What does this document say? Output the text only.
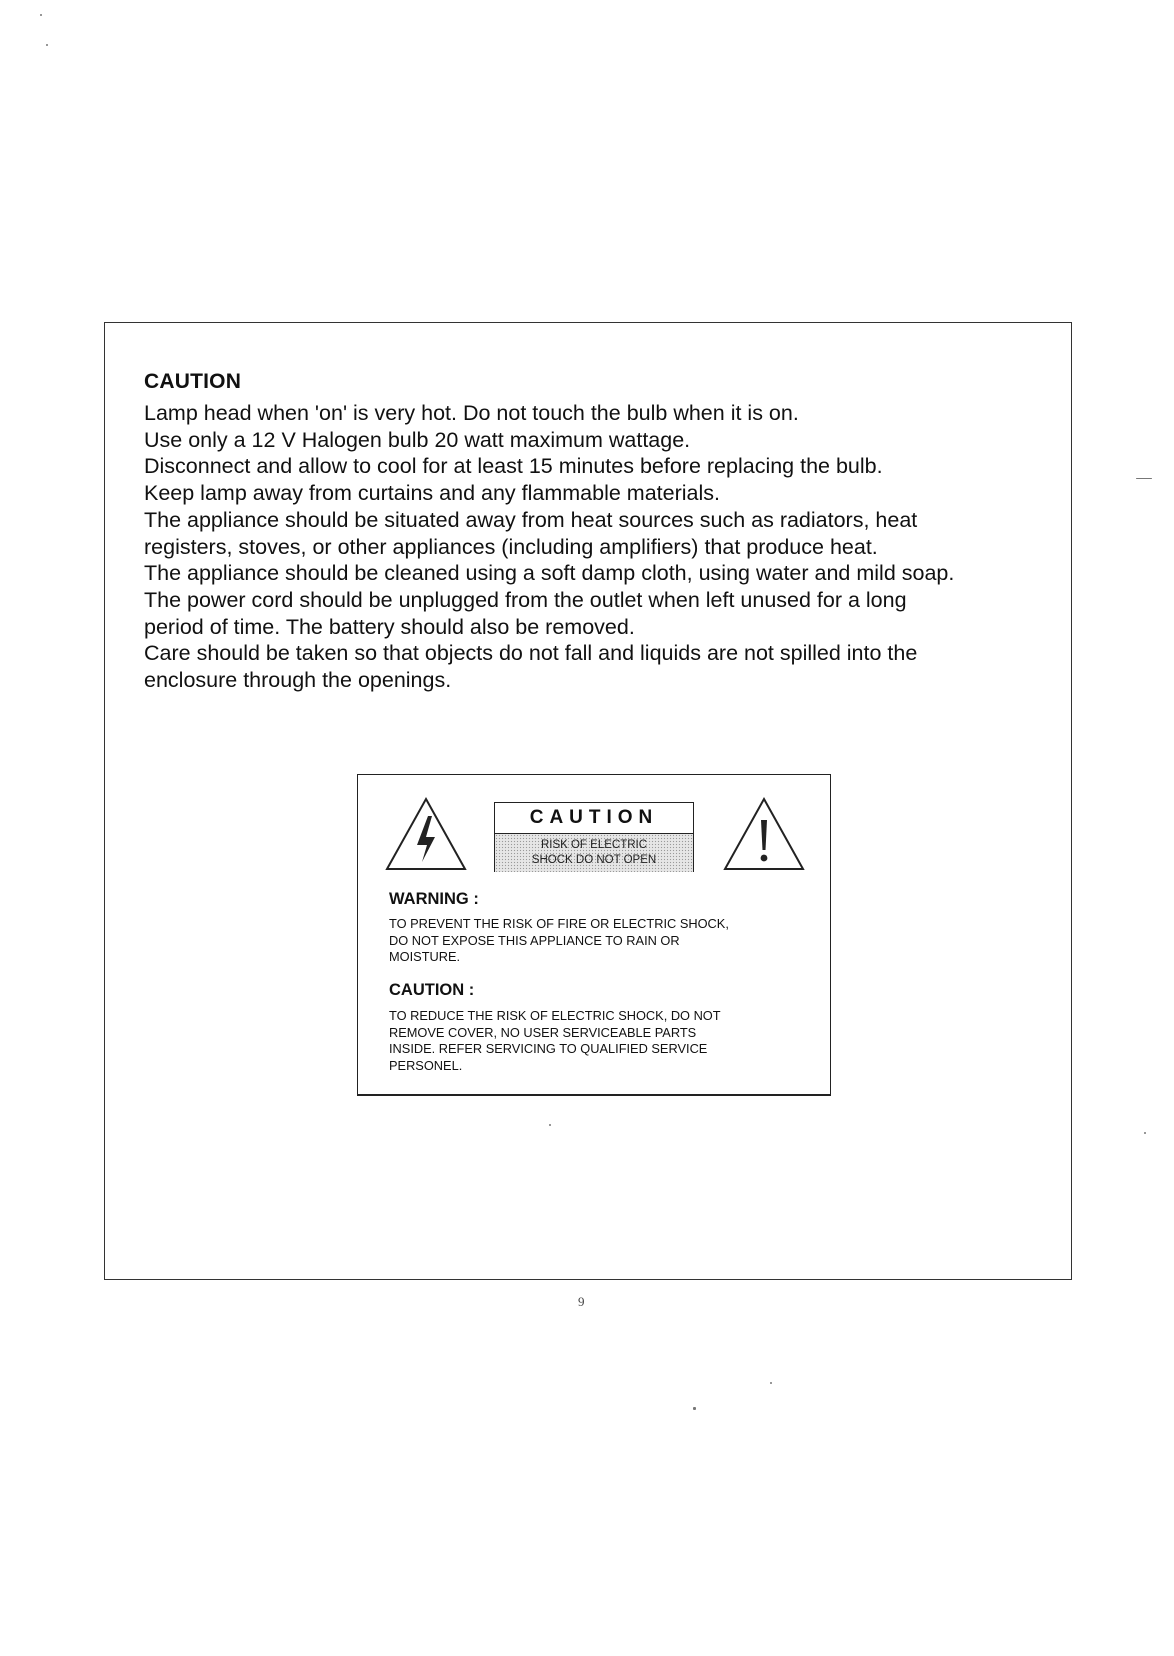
CAUTION

Lamp head when 'on' is very hot. Do not touch the bulb when it is on.

Use only a 12 V Halogen bulb 20 watt maximum wattage.

Disconnect and allow to cool for at least 15 minutes before replacing the bulb.

Keep lamp away from curtains and any flammable materials.

The appliance should be situated away from heat sources such as radiators, heat

registers, stoves, or other appliances (including amplifiers) that produce heat.

The appliance should be cleaned using a soft damp cloth, using water and mild soap.

The power cord should be unplugged from the outlet when left unused for a long

period of time. The battery should also be removed.

Care should be taken so that objects do not fall and liquids are not spilled into the

enclosure through the openings.

CAUTION
RISK OF ELECTRIC
SHOCK DO NOT OPEN
WARNING :
TO PREVENT THE RISK OF FIRE OR ELECTRIC SHOCK,
DO NOT EXPOSE THIS APPLIANCE TO RAIN OR
MOISTURE.
CAUTION :
TO REDUCE THE RISK OF ELECTRIC SHOCK, DO NOT
REMOVE COVER, NO USER SERVICEABLE PARTS
INSIDE. REFER SERVICING TO QUALIFIED SERVICE
PERSONEL.
9
